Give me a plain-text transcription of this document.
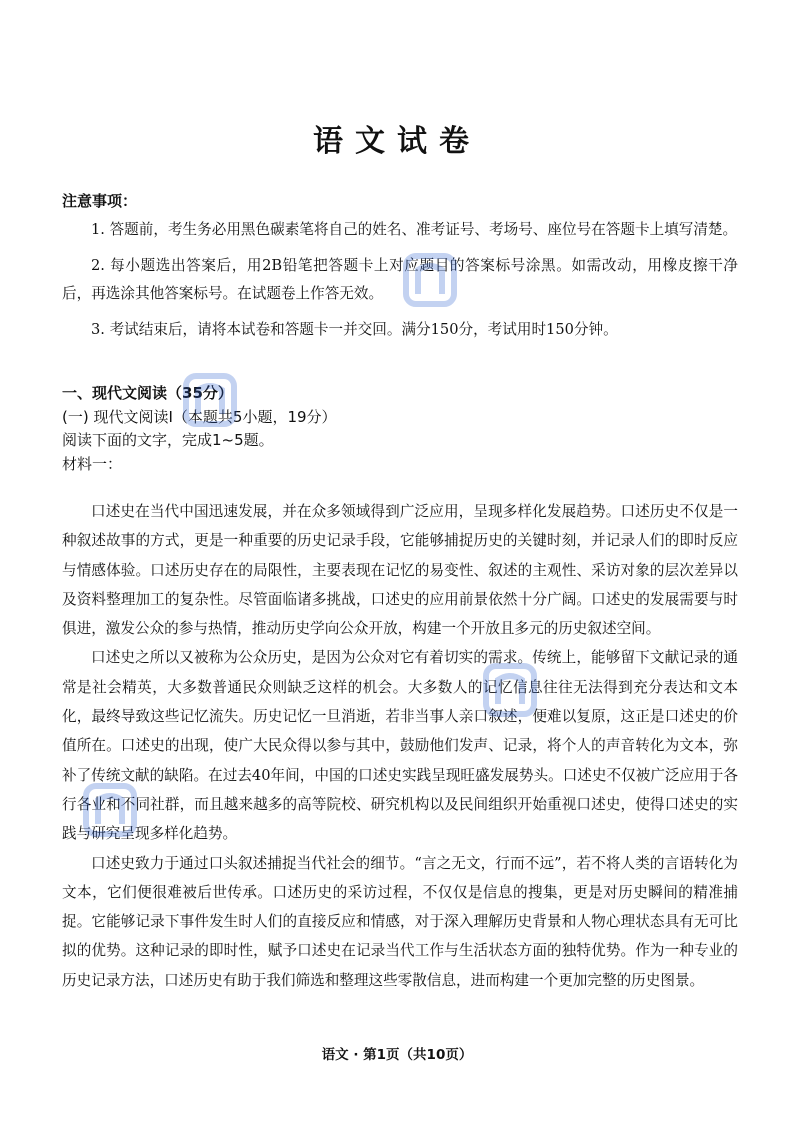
语文试卷
注意事项：
1. 答题前，考生务必用黑色碳素笔将自己的姓名、准考证号、考场号、座位号在答题卡上填写清楚。
2. 每小题选出答案后，用2B铅笔把答题卡上对应题目的答案标号涂黑。如需改动，用橡皮擦干净后，再选涂其他答案标号。在试题卷上作答无效。
3. 考试结束后，请将本试卷和答题卡一并交回。满分150分，考试用时150分钟。
一、现代文阅读（35分）
(一) 现代文阅读Ⅰ（本题共5小题，19分）
阅读下面的文字，完成1~5题。
材料一：

口述史在当代中国迅速发展，并在众多领域得到广泛应用，呈现多样化发展趋势。口述历史不仅是一种叙述故事的方式，更是一种重要的历史记录手段，它能够捕捉历史的关键时刻，并记录人们的即时反应与情感体验。口述历史存在的局限性，主要表现在记忆的易变性、叙述的主观性、采访对象的层次差异以及资料整理加工的复杂性。尽管面临诸多挑战，口述史的应用前景依然十分广阔。口述史的发展需要与时俱进，激发公众的参与热情，推动历史学向公众开放，构建一个开放且多元的历史叙述空间。

口述史之所以又被称为公众历史，是因为公众对它有着切实的需求。传统上，能够留下文献记录的通常是社会精英，大多数普通民众则缺乏这样的机会。大多数人的记忆信息往往无法得到充分表达和文本化，最终导致这些记忆流失。历史记忆一旦消逝，若非当事人亲口叙述，便难以复原，这正是口述史的价值所在。口述史的出现，使广大民众得以参与其中，鼓励他们发声、记录，将个人的声音转化为文本，弥补了传统文献的缺陷。在过去40年间，中国的口述史实践呈现旺盛发展势头。口述史不仅被广泛应用于各行各业和不同社群，而且越来越多的高等院校、研究机构以及民间组织开始重视口述史，使得口述史的实践与研究呈现多样化趋势。

口述史致力于通过口头叙述捕捉当代社会的细节。“言之无文，行而不远”，若不将人类的言语转化为文本，它们便很难被后世传承。口述历史的采访过程，不仅仅是信息的搜集，更是对历史瞬间的精准捕捉。它能够记录下事件发生时人们的直接反应和情感，对于深入理解历史背景和人物心理状态具有无可比拟的优势。这种记录的即时性，赋予口述史在记录当代工作与生活状态方面的独特优势。作为一种专业的历史记录方法，口述历史有助于我们筛选和整理这些零散信息，进而构建一个更加完整的历史图景。

语文 · 第1页（共10页）
